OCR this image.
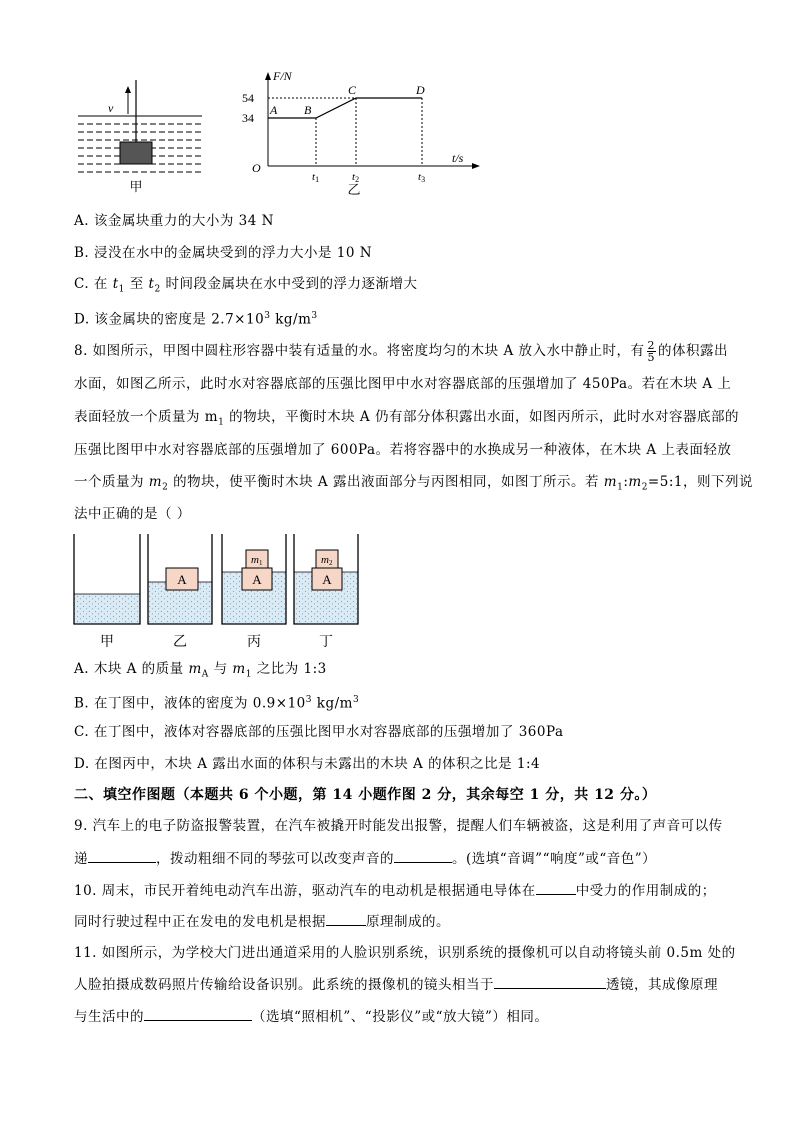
v
甲
F/N
t/s
O
54
34
A B
C	D
t1	t2	t3
乙
A. 该金属块重力的大小为 34 N
B. 浸没在水中的金属块受到的浮力大小是 10 N
C. 在 $t_1$ 至 $t_2$ 时间段金属块在水中受到的浮力逐渐增大
D. 该金属块的密度是 $2.7\times 10^3$ $kg/m^3$
8. 如图所示，甲图中圆柱形容器中装有适量的水。将密度均匀的木块 A 放入水中静止时，有 $\frac{2}{5}$ 的体积露出
水面，如图乙所示，此时水对容器底部的压强比图甲中水对容器底部的压强增加了 450Pa。若在木块 A 上
表面轻放一个质量为 $m_1$ 的物块，平衡时木块 A 仍有部分体积露出水面，如图丙所示，此时水对容器底部的
压强比图甲中水对容器底部的压强增加了 600Pa。若将容器中的水换成另一种液体，在木块 A 上表面轻放
一个质量为 $m_2$ 的物块，使平衡时木块 A 露出液面部分与丙图相同，如图丁所示。若 $m_1:m_2=5:1$，则下列说
法中正确的是（ ）
A	A
m1
A
m2
甲	乙	丙	丁
A. 木块 A 的质量 $m_A$ 与 $m_1$ 之比为 1:3
B. 在丁图中，液体的密度为 $0.9\times 10^3$ $kg/m^3$
C. 在丁图中，液体对容器底部的压强比图甲水对容器底部的压强增加了 360Pa
D. 在图丙中，木块 A 露出水面的体积与未露出的木块 A 的体积之比是 1:4
二、填空作图题（本题共 6 个小题，第 14 小题作图 2 分，其余每空 1 分，共 12 分。）
9. 汽车上的电子防盗报警装置，在汽车被撬开时能发出报警，提醒人们车辆被盗，这是利用了声音可以传
递	，拨动粗细不同的琴弦可以改变声音的	。(选填“音调”“响度”或“音色”）
10. 周末，市民开着纯电动汽车出游，驱动汽车的电动机是根据通电导体在	中受力的作用制成的；
同时行驶过程中正在发电的发电机是根据	原理制成的。
11. 如图所示，为学校大门进出通道采用的人脸识别系统，识别系统的摄像机可以自动将镜头前 0.5m 处的
人脸拍摄成数码照片传输给设备识别。此系统的摄像机的镜头相当于	透镜，其成像原理
与生活中的	（选填“照相机”、“投影仪”或“放大镜”）相同。
